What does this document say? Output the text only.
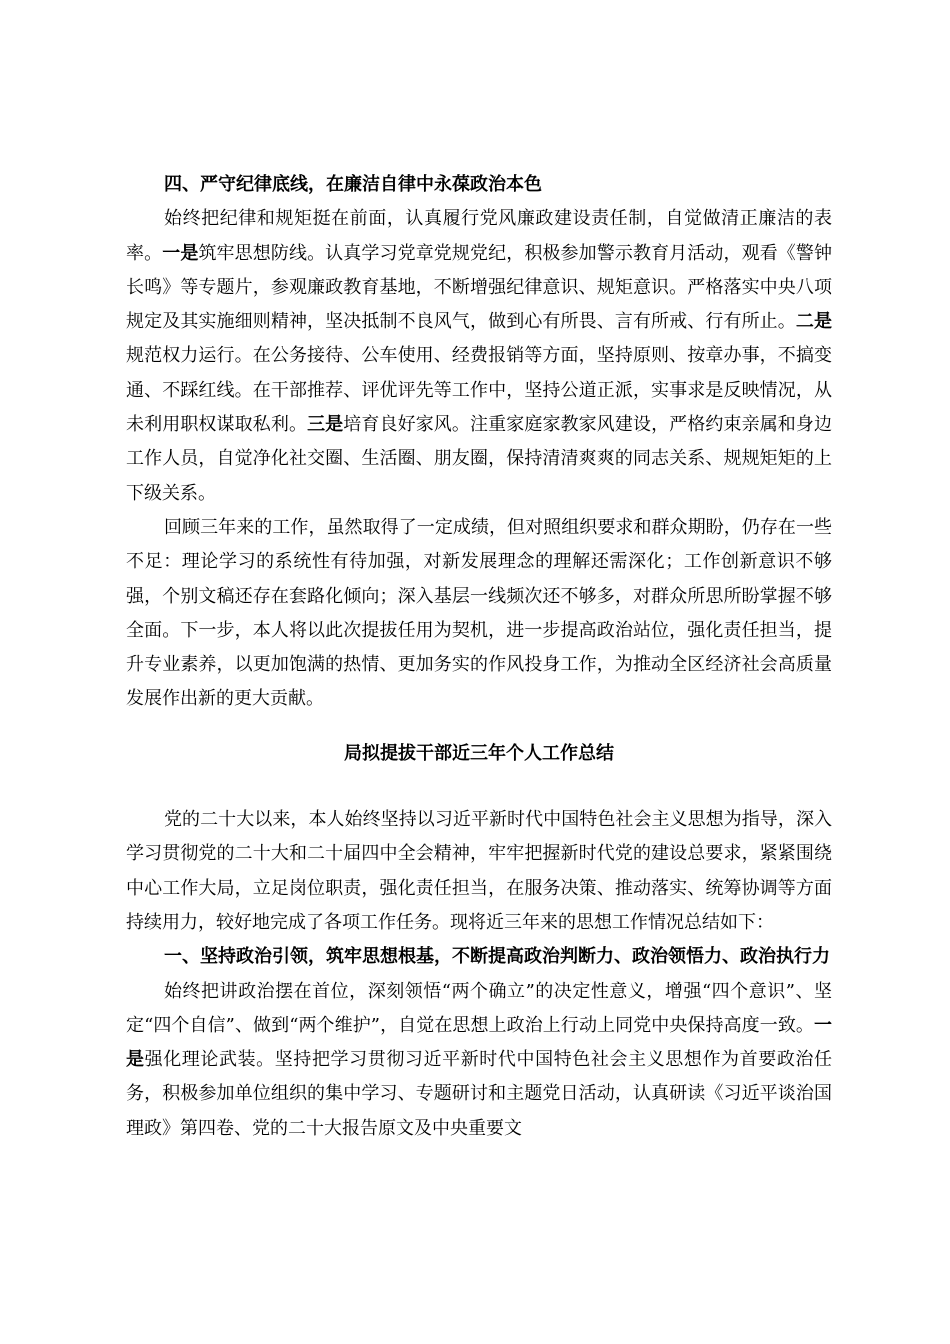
四、严守纪律底线，在廉洁自律中永葆政治本色

始终把纪律和规矩挺在前面，认真履行党风廉政建设责任制，自觉做清正廉洁的表率。一是筑牢思想防线。认真学习党章党规党纪，积极参加警示教育月活动，观看《警钟长鸣》等专题片，参观廉政教育基地，不断增强纪律意识、规矩意识。严格落实中央八项规定及其实施细则精神，坚决抵制不良风气，做到心有所畏、言有所戒、行有所止。二是规范权力运行。在公务接待、公车使用、经费报销等方面，坚持原则、按章办事，不搞变通、不踩红线。在干部推荐、评优评先等工作中，坚持公道正派，实事求是反映情况，从未利用职权谋取私利。三是培育良好家风。注重家庭家教家风建设，严格约束亲属和身边工作人员，自觉净化社交圈、生活圈、朋友圈，保持清清爽爽的同志关系、规规矩矩的上下级关系。

回顾三年来的工作，虽然取得了一定成绩，但对照组织要求和群众期盼，仍存在一些不足：理论学习的系统性有待加强，对新发展理念的理解还需深化；工作创新意识不够强，个别文稿还存在套路化倾向；深入基层一线频次还不够多，对群众所思所盼掌握不够全面。下一步，本人将以此次提拔任用为契机，进一步提高政治站位，强化责任担当，提升专业素养，以更加饱满的热情、更加务实的作风投身工作，为推动全区经济社会高质量发展作出新的更大贡献。

局拟提拔干部近三年个人工作总结

党的二十大以来，本人始终坚持以习近平新时代中国特色社会主义思想为指导，深入学习贯彻党的二十大和二十届四中全会精神，牢牢把握新时代党的建设总要求，紧紧围绕中心工作大局，立足岗位职责，强化责任担当，在服务决策、推动落实、统筹协调等方面持续用力，较好地完成了各项工作任务。现将近三年来的思想工作情况总结如下：

一、坚持政治引领，筑牢思想根基，不断提高政治判断力、政治领悟力、政治执行力

始终把讲政治摆在首位，深刻领悟“两个确立”的决定性意义，增强“四个意识”、坚定“四个自信”、做到“两个维护”，自觉在思想上政治上行动上同党中央保持高度一致。一是强化理论武装。坚持把学习贯彻习近平新时代中国特色社会主义思想作为首要政治任务，积极参加单位组织的集中学习、专题研讨和主题党日活动，认真研读《习近平谈治国理政》第四卷、党的二十大报告原文及中央重要文
